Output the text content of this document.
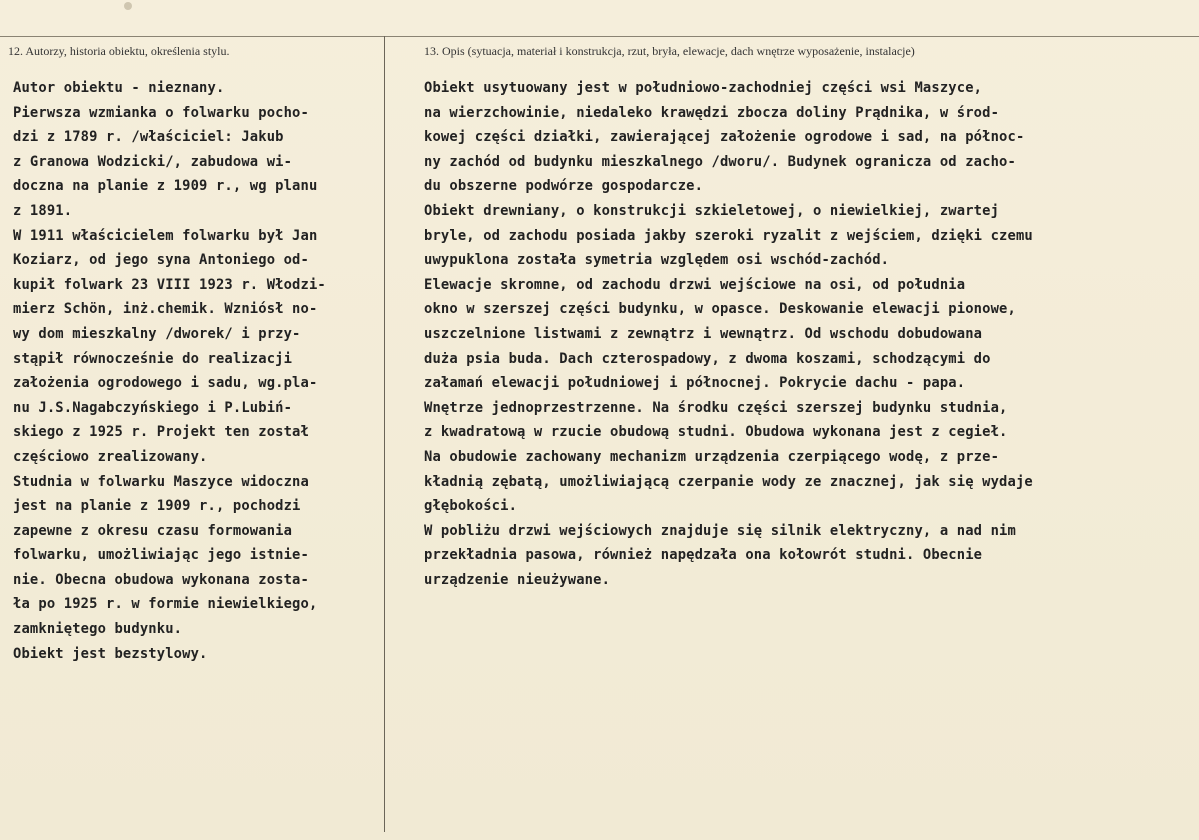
12. Autorzy, historia obiektu, określenia stylu.	13. Opis (sytuacja, materiał i konstrukcja, rzut, bryła, elewacje, dach wnętrze wyposażenie, instalacje)
Autor obiektu - nieznany.
Pierwsza wzmianka o folwarku pocho-
dzi z 1789 r. /właściciel: Jakub
z Granowa Wodzicki/, zabudowa wi-
doczna na planie z 1909 r., wg planu
z 1891.
W 1911 właścicielem folwarku był Jan
Koziarz, od jego syna Antoniego od-
kupił folwark 23 VIII 1923 r. Włodzi-
mierz Schön, inż.chemik. Wzniósł no-
wy dom mieszkalny /dworek/ i przy-
stąpił równocześnie do realizacji
założenia ogrodowego i sadu, wg.pla-
nu J.S.Nagabczyńskiego i P.Lubiń-
skiego z 1925 r. Projekt ten został
częściowo zrealizowany.
Studnia w folwarku Maszyce widoczna
jest na planie z 1909 r., pochodzi
zapewne z okresu czasu formowania
folwarku, umożliwiając jego istnie-
nie. Obecna obudowa wykonana zosta-
ła po 1925 r. w formie niewielkiego,
zamkniętego budynku.
Obiekt jest bezstylowy.
Obiekt usytuowany jest w południowo-zachodniej części wsi Maszyce,
na wierzchowinie, niedaleko krawędzi zbocza doliny Prądnika, w środ-
kowej części działki, zawierającej założenie ogrodowe i sad, na północ-
ny zachód od budynku mieszkalnego /dworu/. Budynek ogranicza od zacho-
du obszerne podwórze gospodarcze.
Obiekt drewniany, o konstrukcji szkieletowej, o niewielkiej, zwartej
bryle, od zachodu posiada jakby szeroki ryzalit z wejściem, dzięki czemu
uwypuklona została symetria względem osi wschód-zachód.
Elewacje skromne, od zachodu drzwi wejściowe na osi, od południa
okno w szerszej części budynku, w opasce. Deskowanie elewacji pionowe,
uszczelnione listwami z zewnątrz i wewnątrz. Od wschodu dobudowana
duża psia buda. Dach czterospadowy, z dwoma koszami, schodzącymi do
załamań elewacji południowej i północnej. Pokrycie dachu - papa.
Wnętrze jednoprzestrzenne. Na środku części szerszej budynku studnia,
z kwadratową w rzucie obudową studni. Obudowa wykonana jest z cegieł.
Na obudowie zachowany mechanizm urządzenia czerpiącego wodę, z prze-
kładnią zębatą, umożliwiającą czerpanie wody ze znacznej, jak się wydaje
głębokości.
W pobliżu drzwi wejściowych znajduje się silnik elektryczny, a nad nim
przekładnia pasowa, również napędzała ona kołowrót studni. Obecnie
urządzenie nieużywane.
